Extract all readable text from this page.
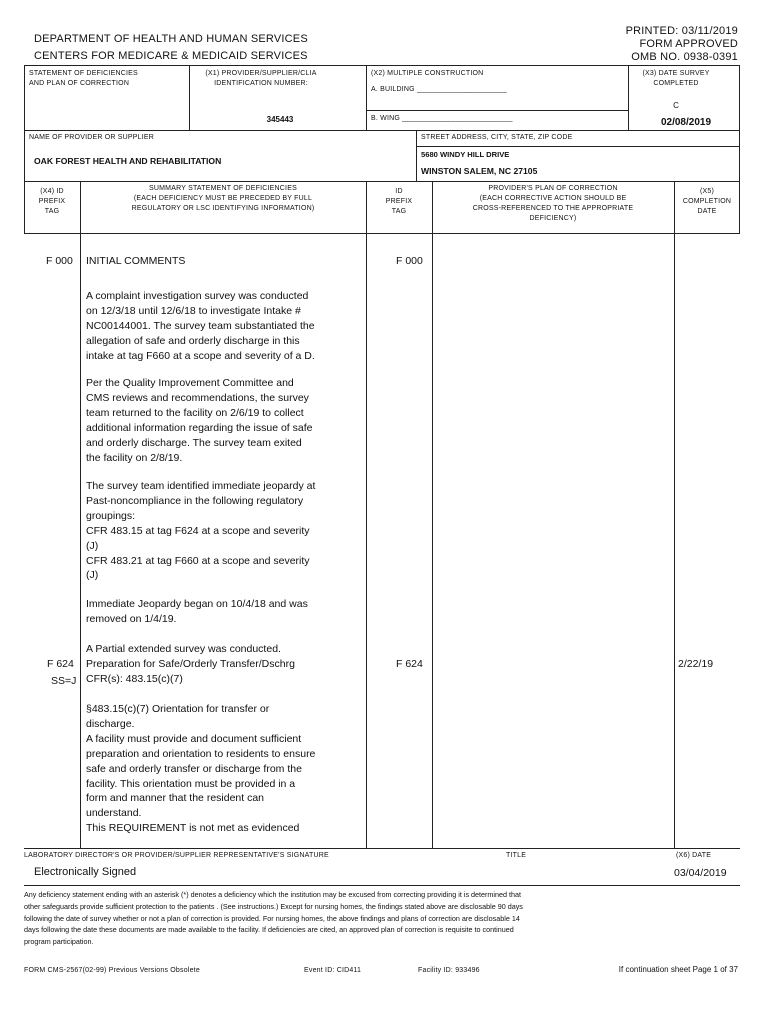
DEPARTMENT OF HEALTH AND HUMAN SERVICES
CENTERS FOR MEDICARE & MEDICAID SERVICES
PRINTED: 03/11/2019
FORM APPROVED
OMB NO. 0938-0391
STATEMENT OF DEFICIENCIES
AND PLAN OF CORRECTION
(X1) PROVIDER/SUPPLIER/CLIA
IDENTIFICATION NUMBER:
345443
(X2) MULTIPLE CONSTRUCTION
A. BUILDING ______________________
B. WING ___________________________
(X3) DATE SURVEY
COMPLETED
C
02/08/2019
NAME OF PROVIDER OR SUPPLIER
OAK FOREST HEALTH AND REHABILITATION
STREET ADDRESS, CITY, STATE, ZIP CODE
5680 WINDY HILL DRIVE
WINSTON SALEM, NC 27105
(X4) ID
PREFIX
TAG
SUMMARY STATEMENT OF DEFICIENCIES
(EACH DEFICIENCY MUST BE PRECEDED BY FULL
REGULATORY OR LSC IDENTIFYING INFORMATION)
ID
PREFIX
TAG
PROVIDER'S PLAN OF CORRECTION
(EACH CORRECTIVE ACTION SHOULD BE
CROSS-REFERENCED TO THE APPROPRIATE
DEFICIENCY)
(X5)
COMPLETION
DATE
F 000	F 000
INITIAL COMMENTS
A complaint investigation survey was conducted
on 12/3/18 until 12/6/18 to investigate Intake #
NC00144001. The survey team substantiated the
allegation of safe and orderly discharge in this
intake at tag F660 at a scope and severity of a D.
Per the Quality Improvement Committee and
CMS reviews and recommendations, the survey
team returned to the facility on 2/6/19 to collect
additional information regarding the issue of safe
and orderly discharge. The survey team exited
the facility on 2/8/19.
The survey team identified immediate jeopardy at
Past-noncompliance in the following regulatory
groupings:
CFR 483.15 at tag F624 at a scope and severity
(J)
CFR 483.21 at tag F660 at a scope and severity
(J)
Immediate Jeopardy began on 10/4/18 and was
removed on 1/4/19.
A Partial extended survey was conducted.
F 624
SS=J
F 624	2/22/19
Preparation for Safe/Orderly Transfer/Dschrg
CFR(s): 483.15(c)(7)
§483.15(c)(7) Orientation for transfer or
discharge.
A facility must provide and document sufficient
preparation and orientation to residents to ensure
safe and orderly transfer or discharge from the
facility. This orientation must be provided in a
form and manner that the resident can
understand.
This REQUIREMENT is not met as evidenced
LABORATORY DIRECTOR'S OR PROVIDER/SUPPLIER REPRESENTATIVE'S SIGNATURE
Electronically Signed
TITLE	(X6) DATE
03/04/2019
Any deficiency statement ending with an asterisk (*) denotes a deficiency which the institution may be excused from correcting providing it is determined that
other safeguards provide sufficient protection to the patients . (See instructions.) Except for nursing homes, the findings stated above are disclosable 90 days
following the date of survey whether or not a plan of correction is provided. For nursing homes, the above findings and plans of correction are disclosable 14
days following the date these documents are made available to the facility. If deficiencies are cited, an approved plan of correction is requisite to continued
program participation.
FORM CMS-2567(02-99) Previous Versions Obsolete	Event ID: CID411	Facility ID: 933496	If continuation sheet Page 1 of 37
